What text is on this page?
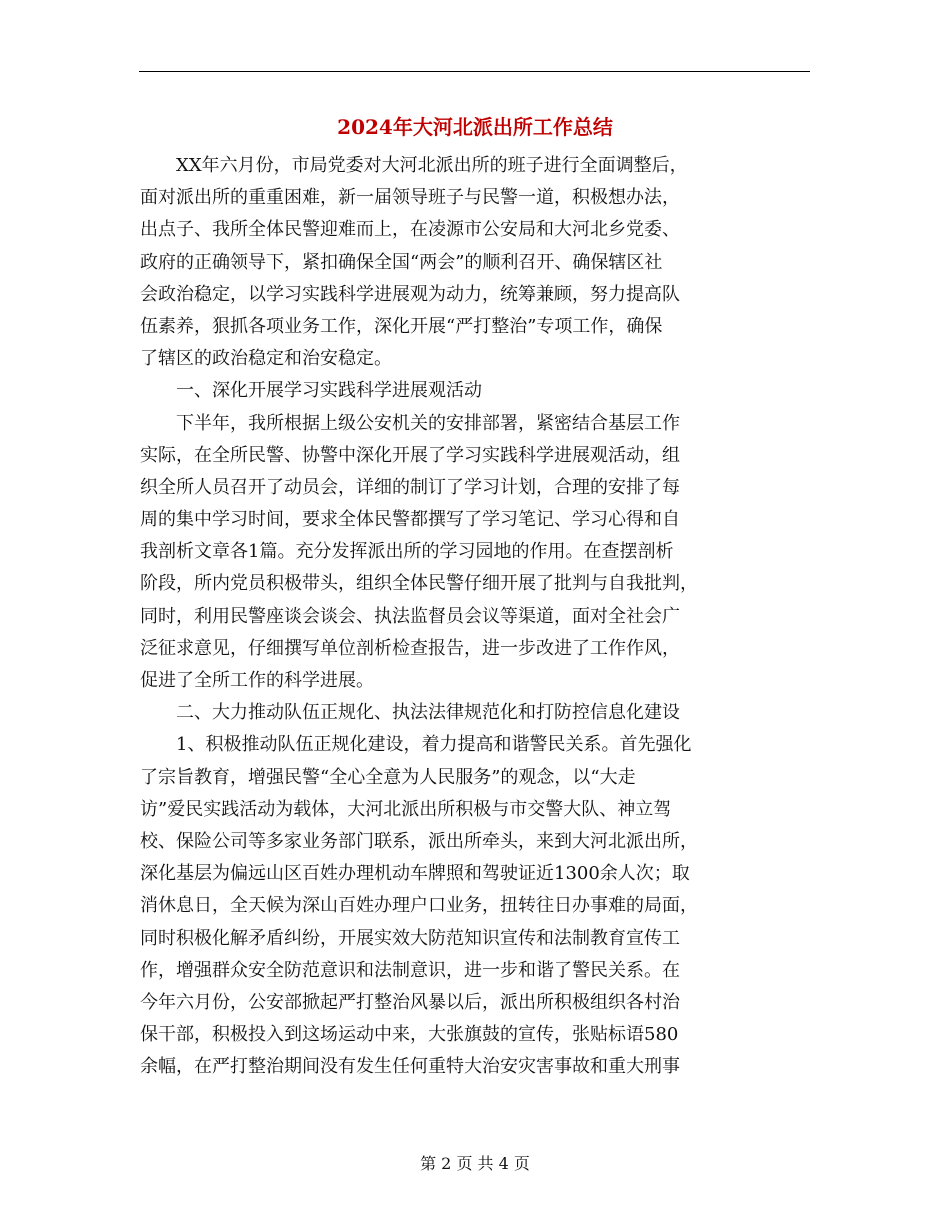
2024年大河北派出所工作总结
XX年六月份，市局党委对大河北派出所的班子进行全面调整后，
面对派出所的重重困难，新一届领导班子与民警一道，积极想办法，
出点子、我所全体民警迎难而上，在凌源市公安局和大河北乡党委、
政府的正确领导下，紧扣确保全国“两会”的顺利召开、确保辖区社
会政治稳定，以学习实践科学进展观为动力，统筹兼顾，努力提高队
伍素养，狠抓各项业务工作，深化开展“严打整治”专项工作，确保
了辖区的政治稳定和治安稳定。
一、深化开展学习实践科学进展观活动
下半年，我所根据上级公安机关的安排部署，紧密结合基层工作
实际，在全所民警、协警中深化开展了学习实践科学进展观活动，组
织全所人员召开了动员会，详细的制订了学习计划，合理的安排了每
周的集中学习时间，要求全体民警都撰写了学习笔记、学习心得和自
我剖析文章各1篇。充分发挥派出所的学习园地的作用。在查摆剖析
阶段，所内党员积极带头，组织全体民警仔细开展了批判与自我批判，
同时，利用民警座谈会谈会、执法监督员会议等渠道，面对全社会广
泛征求意见，仔细撰写单位剖析检查报告，进一步改进了工作作风，
促进了全所工作的科学进展。
二、大力推动队伍正规化、执法法律规范化和打防控信息化建设
1、积极推动队伍正规化建设，着力提高和谐警民关系。首先强化
了宗旨教育，增强民警“全心全意为人民服务”的观念，以“大走
访”爱民实践活动为载体，大河北派出所积极与市交警大队、神立驾
校、保险公司等多家业务部门联系，派出所牵头，来到大河北派出所，
深化基层为偏远山区百姓办理机动车牌照和驾驶证近1300余人次；取
消休息日，全天候为深山百姓办理户口业务，扭转往日办事难的局面，
同时积极化解矛盾纠纷，开展实效大防范知识宣传和法制教育宣传工
作，增强群众安全防范意识和法制意识，进一步和谐了警民关系。在
今年六月份，公安部掀起严打整治风暴以后，派出所积极组织各村治
保干部，积极投入到这场运动中来，大张旗鼓的宣传，张贴标语580
余幅，在严打整治期间没有发生任何重特大治安灾害事故和重大刑事
第 2 页 共 4 页
